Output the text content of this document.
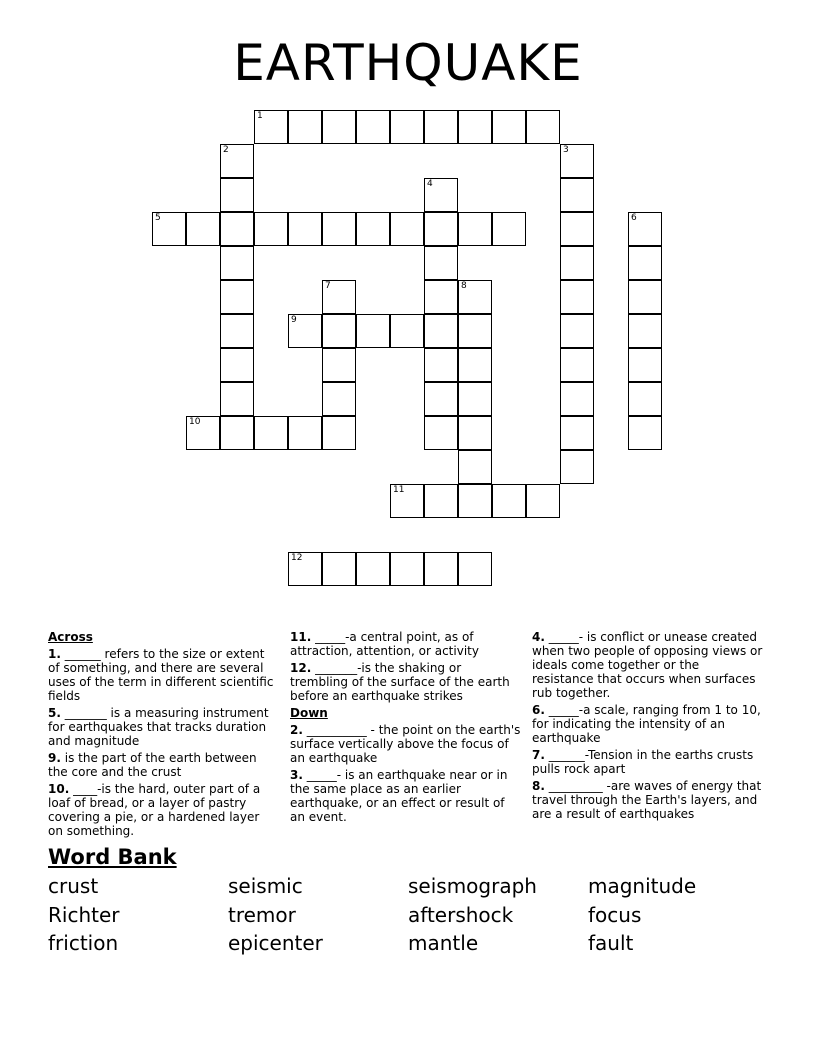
EARTHQUAKE
1
2	3
4
5	6
7	8
9
10
11
12
Across
1. ______ refers to the size or extent of something, and there are several uses of the term in different scientific fields
5. _______ is a measuring instrument for earthquakes that tracks duration and magnitude
9. is the part of the earth between the core and the crust
10. ____-is the hard, outer part of a loaf of bread, or a layer of pastry covering a pie, or a hardened layer on something.
11. _____-a central point, as of attraction, attention, or activity
12. _______-is the shaking or trembling of the surface of the earth before an earthquake strikes
Down
2. __________ - the point on the earth's surface vertically above the focus of an earthquake
3. _____- is an earthquake near or in the same place as an earlier earthquake, or an effect or result of an event.
4. _____- is conflict or unease created when two people of opposing views or ideals come together or the resistance that occurs when surfaces rub together.
6. _____-a scale, ranging from 1 to 10, for indicating the intensity of an earthquake
7. ______-Tension in the earths crusts pulls rock apart
8. _________ -are waves of energy that travel through the Earth's layers, and are a result of earthquakes
Word Bank
crust	seismic	seismograph	magnitude
Richter	tremor	aftershock	focus
friction	epicenter	mantle	fault
